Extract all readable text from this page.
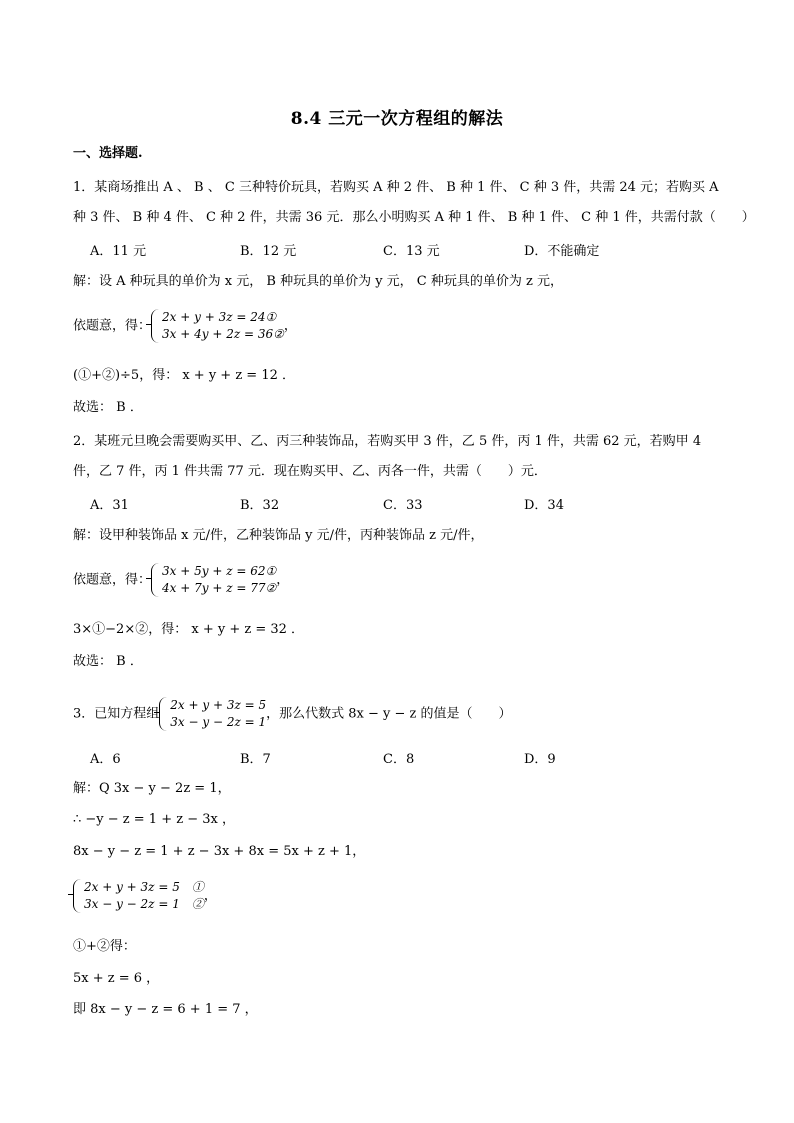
8.4 三元一次方程组的解法
一、选择题.
1．某商场推出 A 、 B 、 C 三种特价玩具，若购买 A 种 2 件、 B 种 1 件、 C 种 3 件，共需 24 元；若购买 A
种 3 件、 B 种 4 件、 C 种 2 件，共需 36 元．那么小明购买 A 种 1 件、 B 种 1 件、 C 种 1 件，共需付款（　　）
A．11 元	B．12 元	C．13 元	D．不能确定
解：设 A 种玩具的单价为 x 元， B 种玩具的单价为 y 元， C 种玩具的单价为 z 元，
依题意，得：
2x + y + 3z = 24①
3x + 4y + 2z = 36②
，
(①+②)÷5，得： x + y + z = 12 ．
故选： B ．
2．某班元旦晚会需要购买甲、乙、丙三种装饰品，若购买甲 3 件，乙 5 件，丙 1 件，共需 62 元，若购甲 4
件，乙 7 件，丙 1 件共需 77 元．现在购买甲、乙、丙各一件，共需（　　）元．
A．31	B．32	C．33	D．34
解：设甲种装饰品 x 元/件，乙种装饰品 y 元/件，丙种装饰品 z 元/件，
依题意，得：
3x + 5y + z = 62①
4x + 7y + z = 77②
，
3×①−2×②，得： x + y + z = 32 ．
故选： B ．
3．已知方程组
2x + y + 3z = 5
3x − y − 2z = 1
，那么代数式 8x − y − z 的值是（　　）
A．6	B．7	C．8	D．9
解：Q 3x − y − 2z = 1，
∴ −y − z = 1 + z − 3x ，
8x − y − z = 1 + z − 3x + 8x = 5x + z + 1，
2x + y + 3z = 5　①
3x − y − 2z = 1　②
，
①+②得：
5x + z = 6 ，
即 8x − y − z = 6 + 1 = 7 ，
